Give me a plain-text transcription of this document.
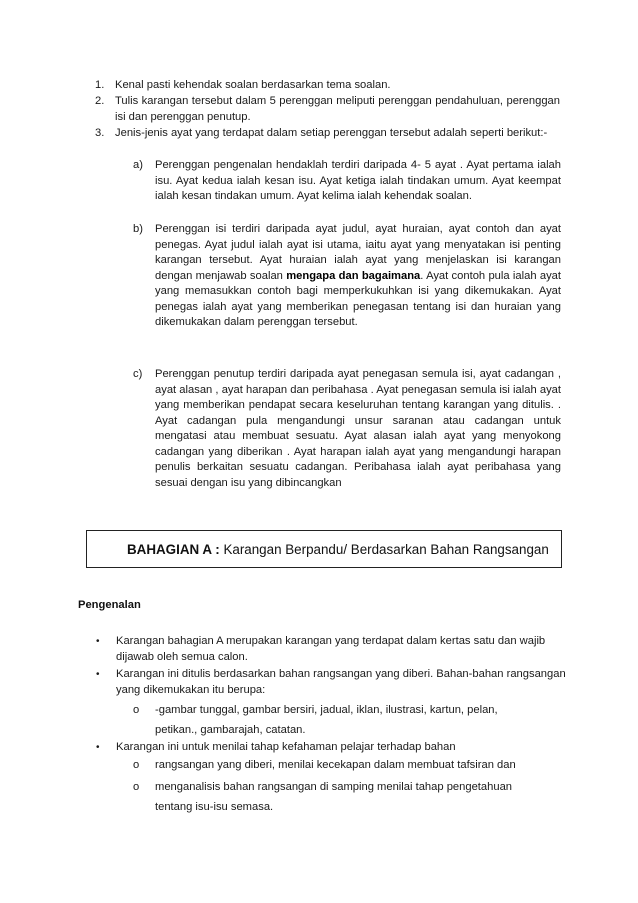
1. Kenal pasti kehendak soalan berdasarkan tema soalan.
2. Tulis karangan tersebut dalam 5 perenggan meliputi perenggan pendahuluan, perenggan isi dan perenggan penutup.
3. Jenis-jenis ayat yang terdapat dalam setiap perenggan tersebut adalah seperti berikut:-
a) Perenggan pengenalan hendaklah terdiri daripada 4- 5 ayat . Ayat pertama ialah isu. Ayat kedua ialah kesan isu. Ayat ketiga ialah tindakan umum. Ayat keempat ialah kesan tindakan umum. Ayat kelima ialah kehendak soalan.
b) Perenggan isi terdiri daripada ayat judul, ayat huraian, ayat contoh dan ayat penegas. Ayat judul ialah ayat isi utama, iaitu ayat yang menyatakan isi penting karangan tersebut. Ayat huraian ialah ayat yang menjelaskan isi karangan dengan menjawab soalan mengapa dan bagaimana. Ayat contoh pula ialah ayat yang memasukkan contoh bagi memperkukuhkan isi yang dikemukakan. Ayat penegas ialah ayat yang memberikan penegasan tentang isi dan huraian yang dikemukakan dalam perenggan tersebut.
c) Perenggan penutup terdiri daripada ayat penegasan semula isi, ayat cadangan , ayat alasan , ayat harapan dan peribahasa . Ayat penegasan semula isi ialah ayat yang memberikan pendapat secara keseluruhan tentang karangan yang ditulis. . Ayat cadangan pula mengandungi unsur saranan atau cadangan untuk mengatasi atau membuat sesuatu. Ayat alasan ialah ayat yang menyokong cadangan yang diberikan . Ayat harapan ialah ayat yang mengandungi harapan penulis berkaitan sesuatu cadangan. Peribahasa ialah ayat peribahasa yang sesuai dengan isu yang dibincangkan
BAHAGIAN A : Karangan Berpandu/ Berdasarkan Bahan Rangsangan
Pengenalan
• Karangan bahagian A merupakan karangan yang terdapat dalam kertas satu dan wajib dijawab oleh semua calon.
• Karangan ini ditulis berdasarkan bahan rangsangan yang diberi. Bahan-bahan rangsangan yang dikemukakan itu berupa:
o -gambar tunggal, gambar bersiri, jadual, iklan, ilustrasi, kartun, pelan, petikan., gambarajah, catatan.
• Karangan ini untuk menilai tahap kefahaman pelajar terhadap bahan
o rangsangan yang diberi, menilai kecekapan dalam membuat tafsiran dan
o menganalisis bahan rangsangan di samping menilai tahap pengetahuan tentang isu-isu semasa.
